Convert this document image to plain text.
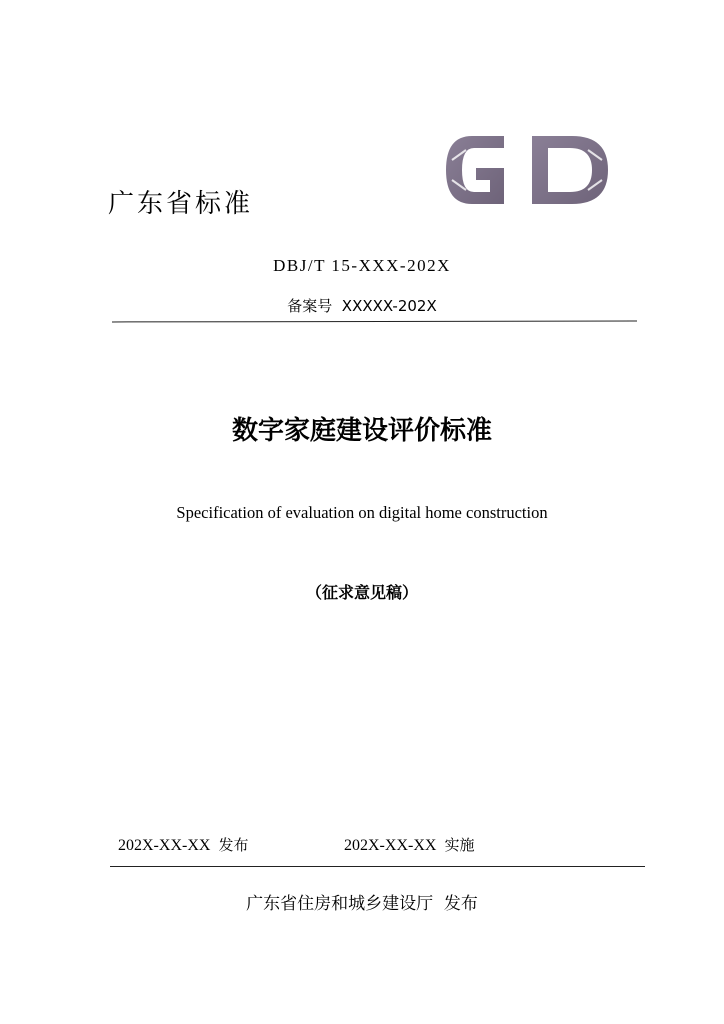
广东省标准
DBJ/T 15-XXX-202X
备案号 XXXXX-202X
数字家庭建设评价标准
Specification of evaluation on digital home construction
（征求意见稿）
202X-XX-XX 发布	202X-XX-XX 实施
广东省住房和城乡建设厅 发布
